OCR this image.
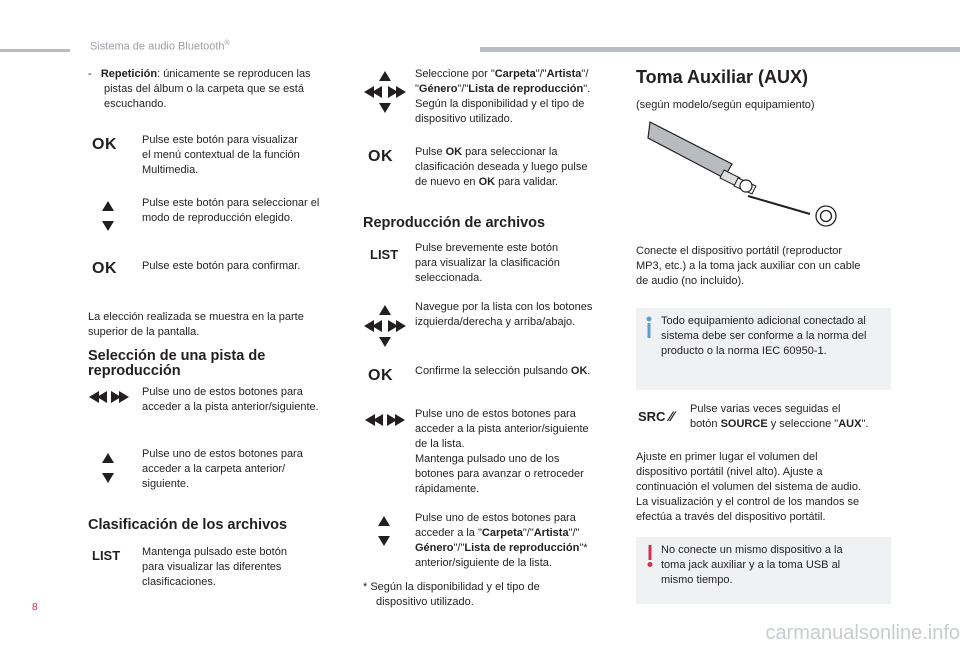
Sistema de audio Bluetooth®
- Repetición: únicamente se reproducen las
pistas del álbum o la carpeta que se está
escuchando.
OK Pulse este botón para visualizar
el menú contextual de la función
Multimedia.
Pulse este botón para seleccionar el
modo de reproducción elegido.
OK Pulse este botón para confirmar.
La elección realizada se muestra en la parte
superior de la pantalla.
Selección de una pista de
reproducción
Pulse uno de estos botones para
acceder a la pista anterior/siguiente.
Pulse uno de estos botones para
acceder a la carpeta anterior/
siguiente.
Clasificación de los archivos
LIST Mantenga pulsado este botón
para visualizar las diferentes
clasificaciones.
Seleccione por "Carpeta"/"Artista"/
"Género"/"Lista de reproducción".
Según la disponibilidad y el tipo de
dispositivo utilizado.
OK Pulse OK para seleccionar la
clasificación deseada y luego pulse
de nuevo en OK para validar.
Reproducción de archivos
LIST Pulse brevemente este botón
para visualizar la clasificación
seleccionada.
Navegue por la lista con los botones
izquierda/derecha y arriba/abajo.
OK Confirme la selección pulsando OK.
Pulse uno de estos botones para
acceder a la pista anterior/siguiente
de la lista.
Mantenga pulsado uno de los
botones para avanzar o retroceder
rápidamente.
Pulse uno de estos botones para
acceder a la "Carpeta"/"Artista"/"
Género"/"Lista de reproducción"*
anterior/siguiente de la lista.
* Según la disponibilidad y el tipo de
dispositivo utilizado.
Toma Auxiliar (AUX)
(según modelo/según equipamiento)
Conecte el dispositivo portátil (reproductor
MP3, etc.) a la toma jack auxiliar con un cable
de audio (no incluido).
Todo equipamiento adicional conectado al
sistema debe ser conforme a la norma del
producto o la norma IEC 60950-1.
SRC ⁄⁄ Pulse varias veces seguidas el
botón SOURCE y seleccione "AUX".
Ajuste en primer lugar el volumen del
dispositivo portátil (nivel alto). Ajuste a
continuación el volumen del sistema de audio.
La visualización y el control de los mandos se
efectúa a través del dispositivo portátil.
No conecte un mismo dispositivo a la
toma jack auxiliar y a la toma USB al
mismo tiempo.
8
carmanualsonline.info
